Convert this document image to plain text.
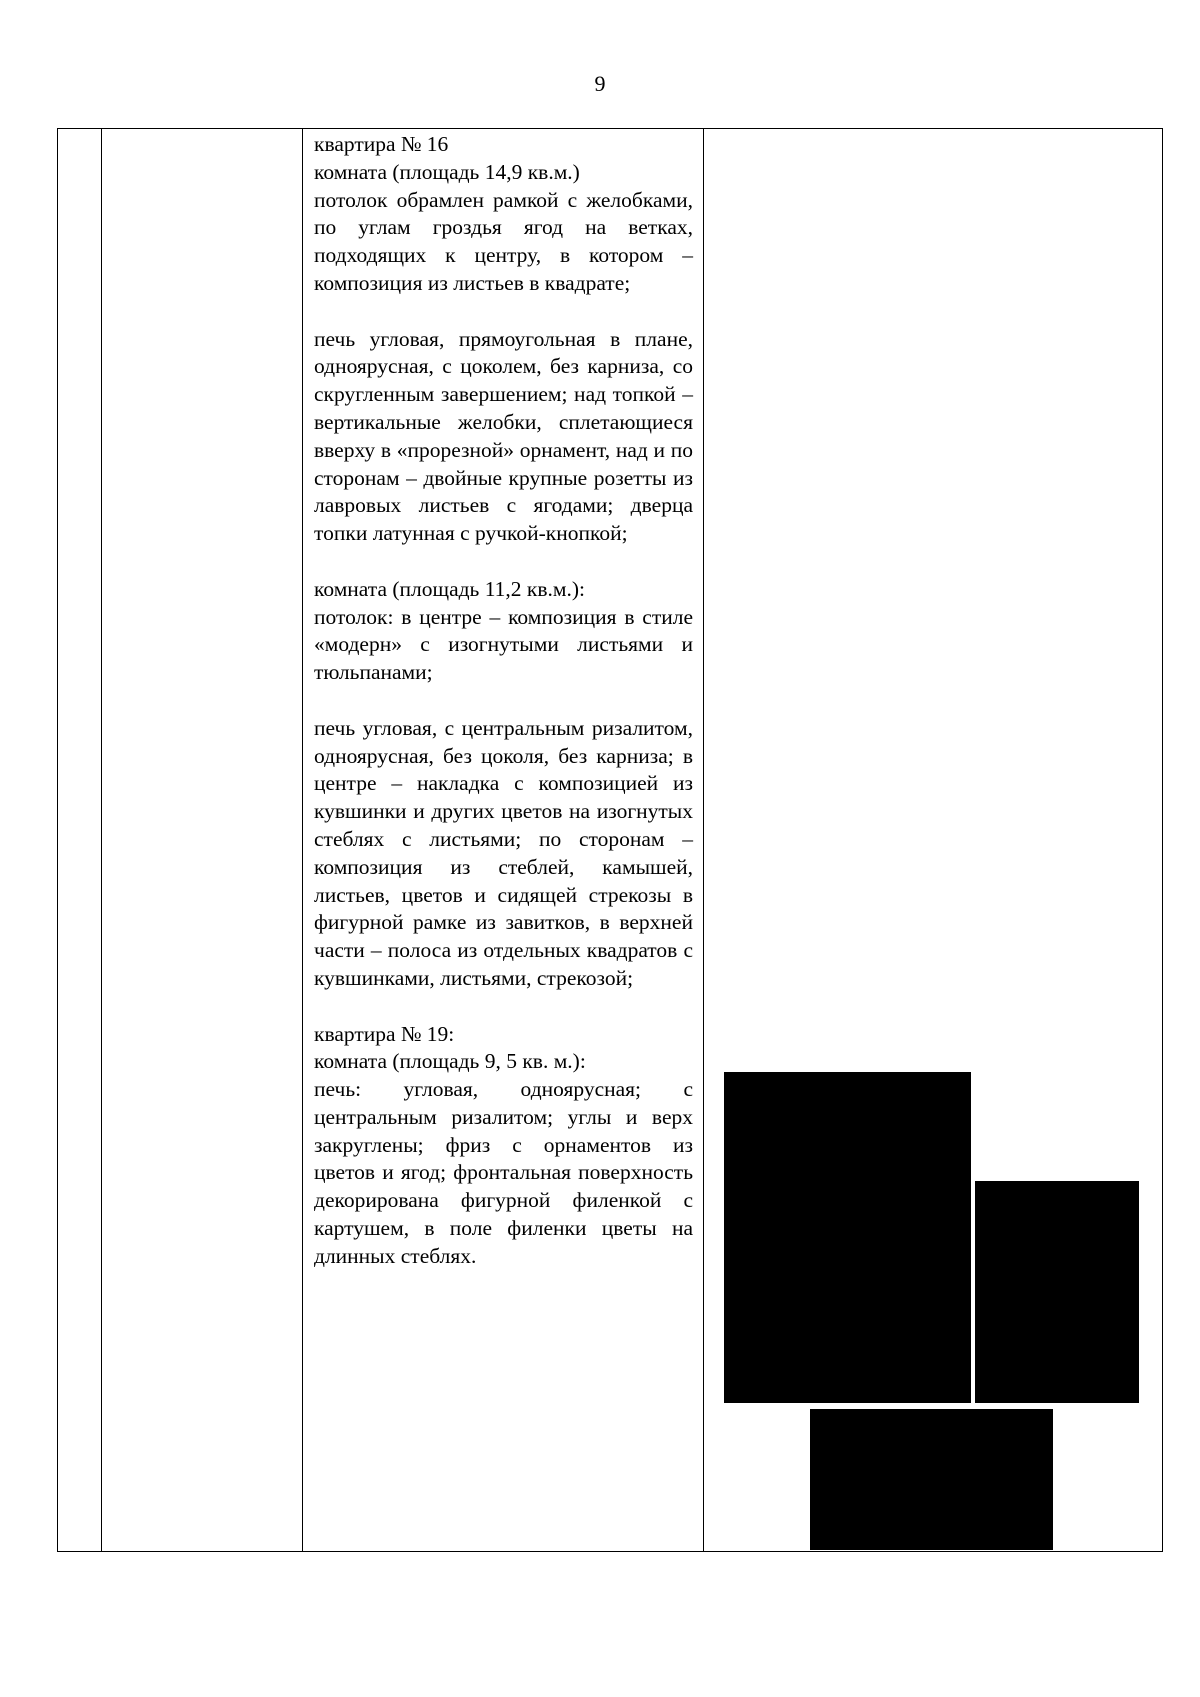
9

квартира № 16
комната (площадь 14,9 кв.м.)

потолок обрамлен рамкой с желобками, по углам гроздья ягод на ветках, подходящих к центру, в котором – композиция из листьев в квадрате;

печь угловая, прямоугольная в плане, одноярусная, с цоколем, без карниза, со скругленным завершением; над топкой – вертикальные желобки, сплетающиеся вверху в «прорезной» орнамент, над и по сторонам – двойные крупные розетты из лавровых листьев с ягодами; дверца топки латунная с ручкой-кнопкой;

комната (площадь 11,2 кв.м.):

потолок: в центре – композиция в стиле «модерн» с изогнутыми листьями и тюльпанами;

печь угловая, с центральным ризалитом, одноярусная, без цоколя, без карниза; в центре – накладка с композицией из кувшинки и других цветов на изогнутых стеблях с листьями; по сторонам – композиция из стеблей, камышей, листьев, цветов и сидящей стрекозы в фигурной рамке из завитков, в верхней части – полоса из отдельных квадратов с кувшинками, листьями, стрекозой;

квартира № 19:
комната (площадь 9, 5 кв. м.):

печь: угловая, одноярусная; с центральным ризалитом; углы и верх закруглены; фриз с орнаментов из цветов и ягод; фронтальная поверхность декорирована фигурной филенкой с картушем, в поле филенки цветы на длинных стеблях.
